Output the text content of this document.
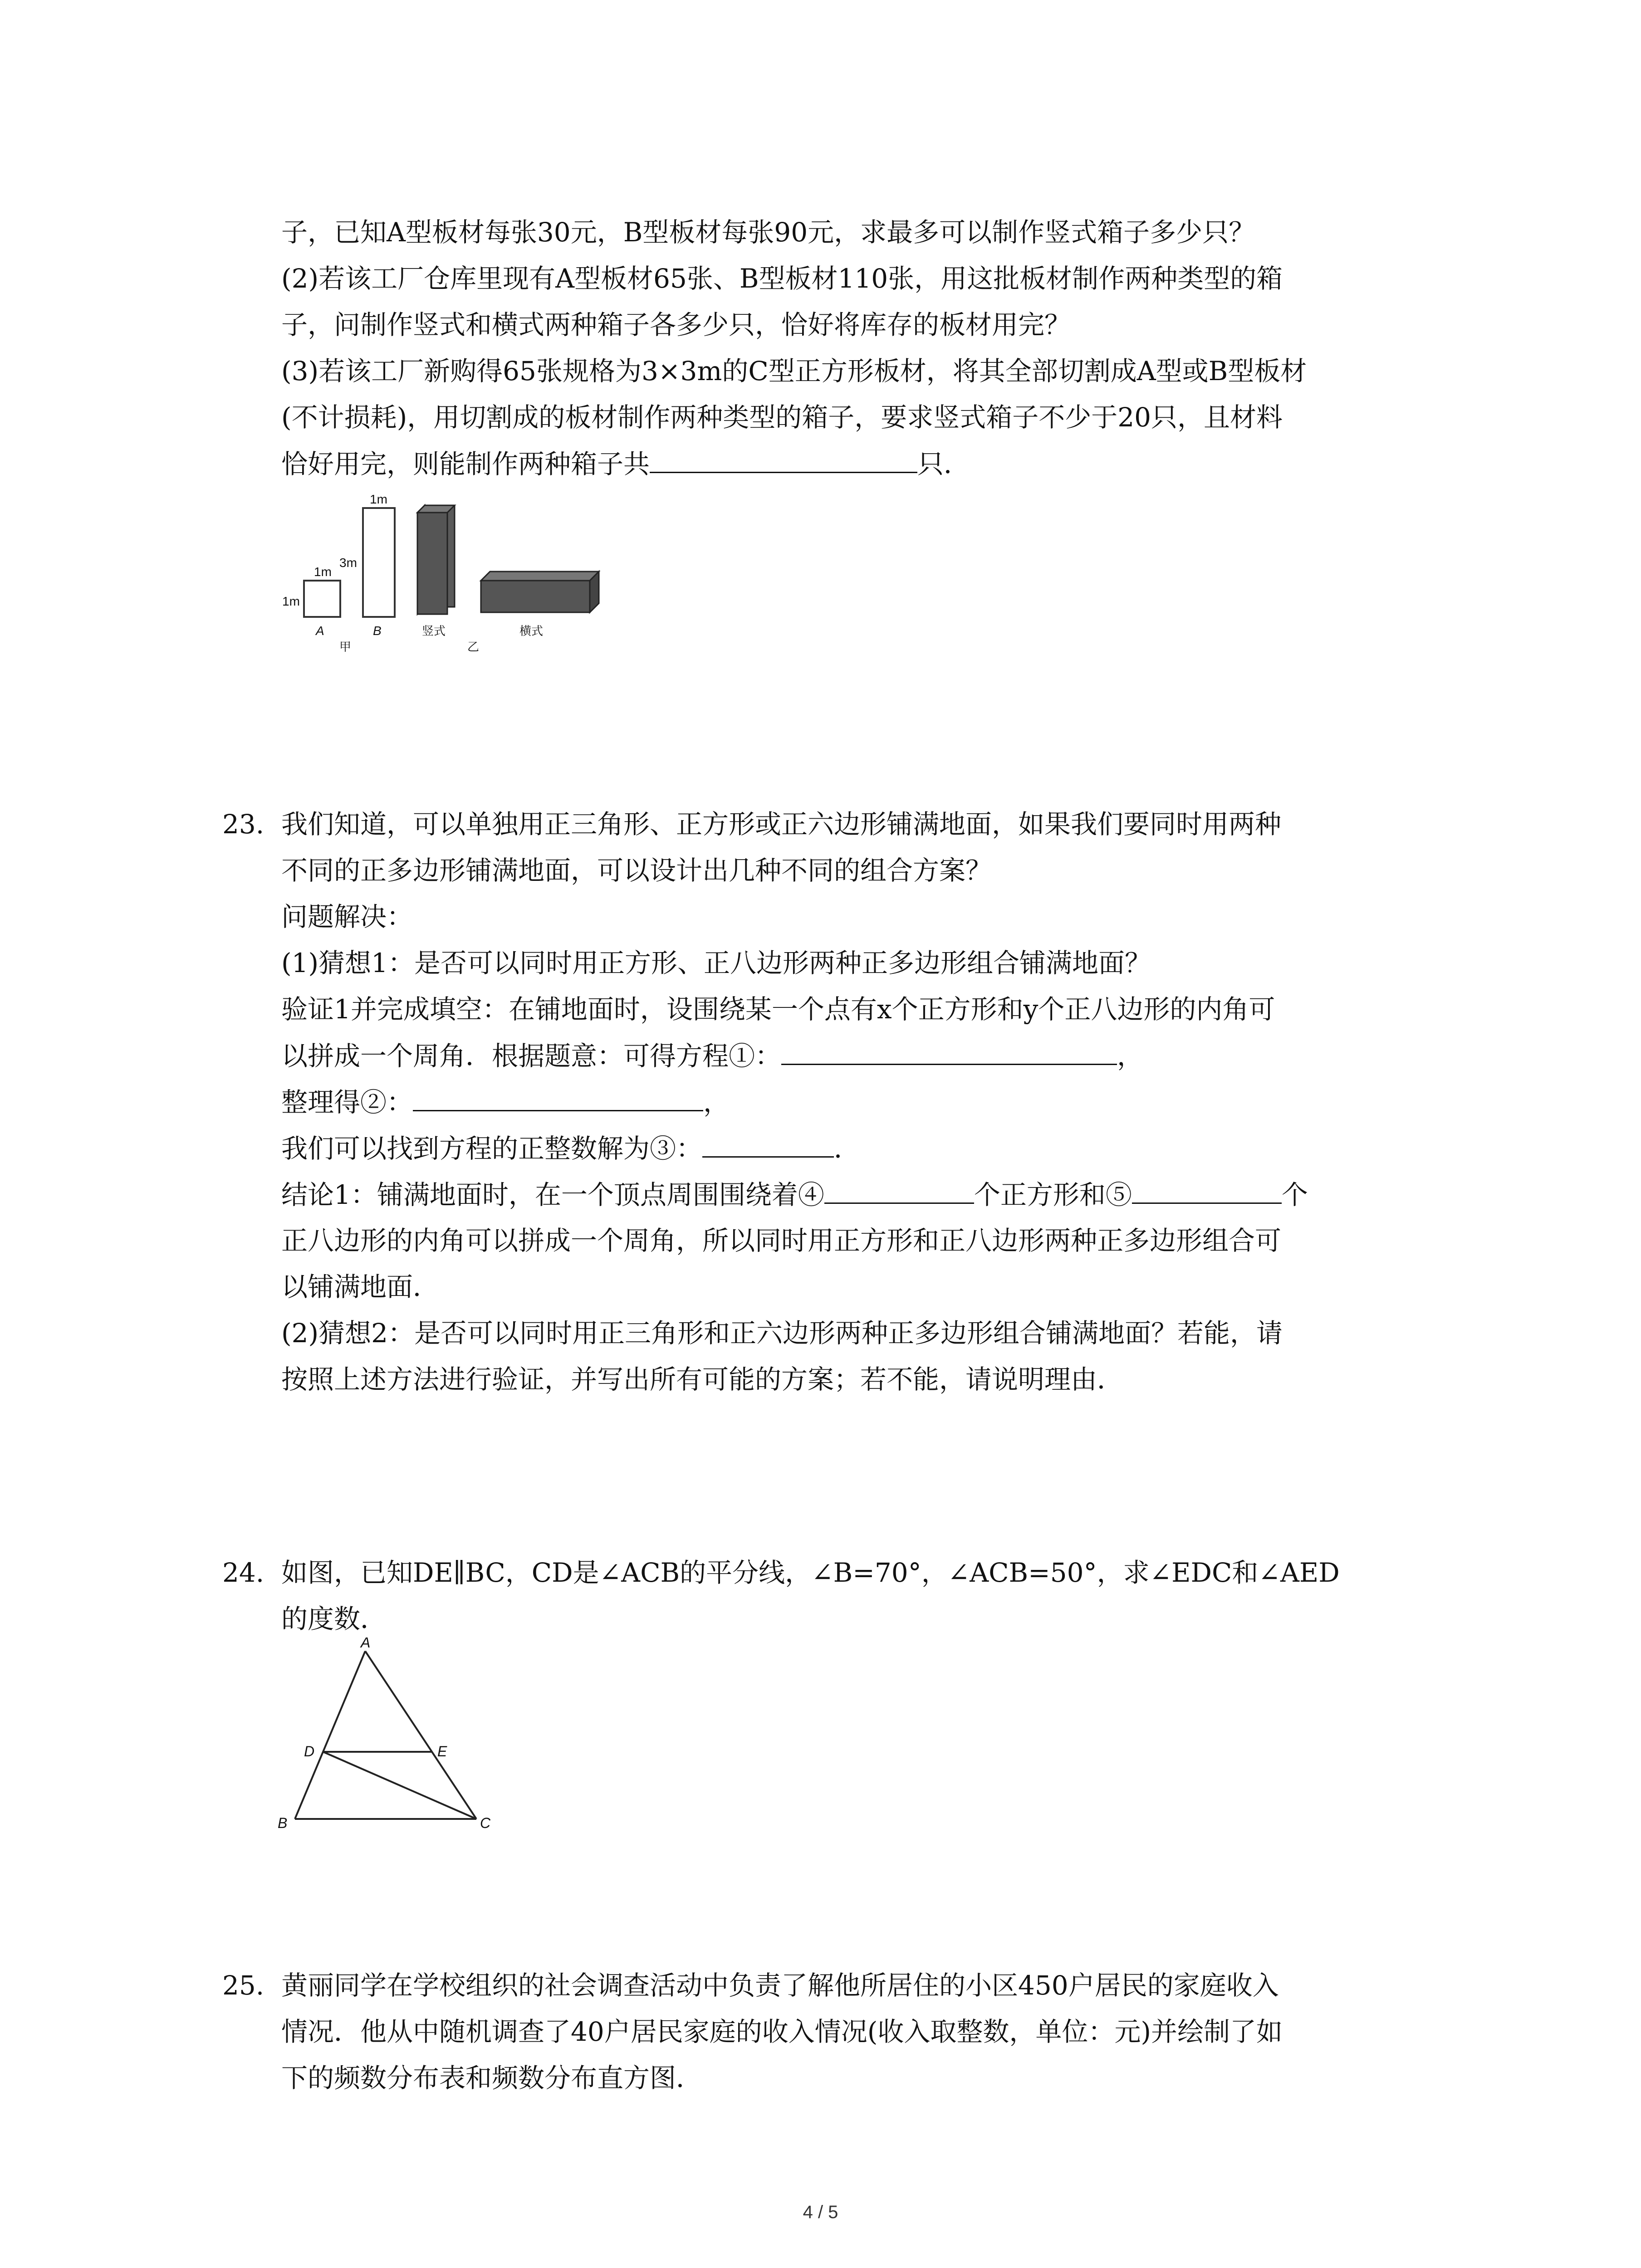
子，已知A型板材每张30元，B型板材每张90元，求最多可以制作竖式箱子多少只？
(2)若该工厂仓库里现有A型板材65张、B型板材110张，用这批板材制作两种类型的箱
子，问制作竖式和横式两种箱子各多少只，恰好将库存的板材用完？
(3)若该工厂新购得65张规格为3×3m的C型正方形板材，将其全部切割成A型或B型板材
(不计损耗)，用切割成的板材制作两种类型的箱子，要求竖式箱子不少于20只，且材料
恰好用完，则能制作两种箱子共	只．
1m
1m
A
1m
3m
B
甲
竖式	横式
乙
23. 我们知道，可以单独用正三角形、正方形或正六边形铺满地面，如果我们要同时用两种
不同的正多边形铺满地面，可以设计出几种不同的组合方案？
问题解决：
(1)猜想1：是否可以同时用正方形、正八边形两种正多边形组合铺满地面？
验证1并完成填空：在铺地面时，设围绕某一个点有x个正方形和y个正八边形的内角可
以拼成一个周角．根据题意：可得方程①：	，
整理得②：	，
我们可以找到方程的正整数解为③：	．
结论1：铺满地面时，在一个顶点周围围绕着④	个正方形和⑤	个
正八边形的内角可以拼成一个周角，所以同时用正方形和正八边形两种正多边形组合可
以铺满地面．
(2)猜想2：是否可以同时用正三角形和正六边形两种正多边形组合铺满地面？若能，请
按照上述方法进行验证，并写出所有可能的方案；若不能，请说明理由．
24. 如图，已知DE∥BC，CD是∠ACB的平分线，∠B=70°，∠ACB=50°，求∠EDC和∠AED
的度数．
A
D	E
B	C
25. 黄丽同学在学校组织的社会调查活动中负责了解他所居住的小区450户居民的家庭收入
情况．他从中随机调查了40户居民家庭的收入情况(收入取整数，单位：元)并绘制了如
下的频数分布表和频数分布直方图．
4 / 5
